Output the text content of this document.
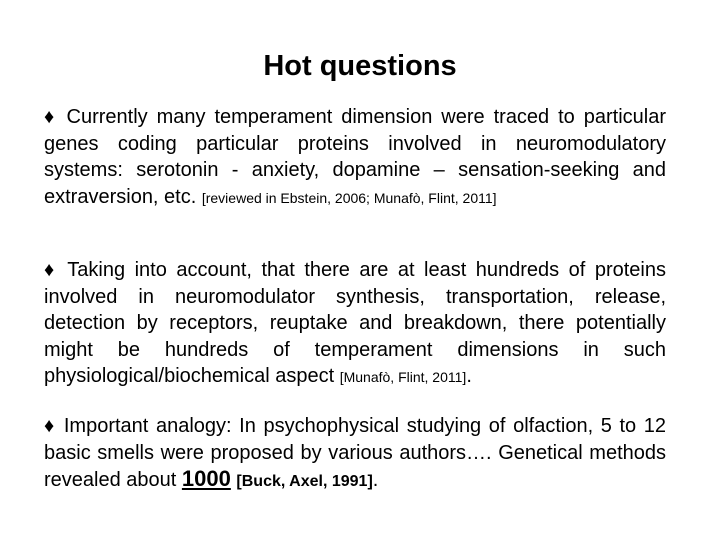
Hot questions
♦ Currently many temperament dimension were traced to particular genes coding particular proteins involved in neuromodulatory systems: serotonin - anxiety, dopamine – sensation-seeking and extraversion, etc. [reviewed in Ebstein, 2006; Munafò, Flint, 2011]
♦ Taking into account, that there are at least hundreds of proteins involved in neuromodulator synthesis, transportation, release, detection by receptors, reuptake and breakdown, there potentially might be hundreds of temperament dimensions in such physiological/biochemical aspect [Munafò, Flint, 2011].
♦ Important analogy: In psychophysical studying of olfaction, 5 to 12 basic smells were proposed by various authors…. Genetical methods revealed about 1000 [Buck, Axel, 1991].
